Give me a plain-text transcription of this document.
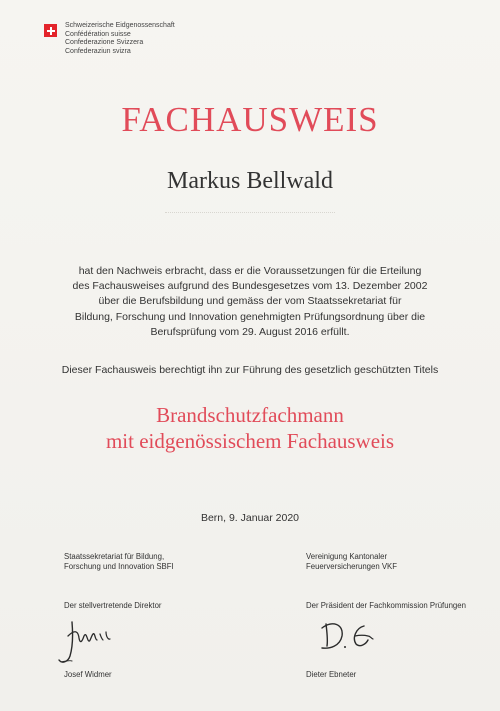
Schweizerische Eidgenossenschaft
Confédération suisse
Confederazione Svizzera
Confederaziun svizra
FACHAUSWEIS
Markus Bellwald
hat den Nachweis erbracht, dass er die Voraussetzungen für die Erteilung
des Fachausweises aufgrund des Bundesgesetzes vom 13. Dezember 2002
über die Berufsbildung und gemäss der vom Staatssekretariat für
Bildung, Forschung und Innovation genehmigten Prüfungsordnung über die
Berufsprüfung vom 29. August 2016 erfüllt.
Dieser Fachausweis berechtigt ihn zur Führung des gesetzlich geschützten Titels
Brandschutzfachmann
mit eidgenössischem Fachausweis
Bern, 9. Januar 2020
Staatssekretariat für Bildung,
Forschung und Innovation SBFI
Vereinigung Kantonaler
Feuerversicherungen VKF
Der stellvertretende Direktor	Der Präsident der Fachkommission Prüfungen
Josef Widmer	Dieter Ebneter
